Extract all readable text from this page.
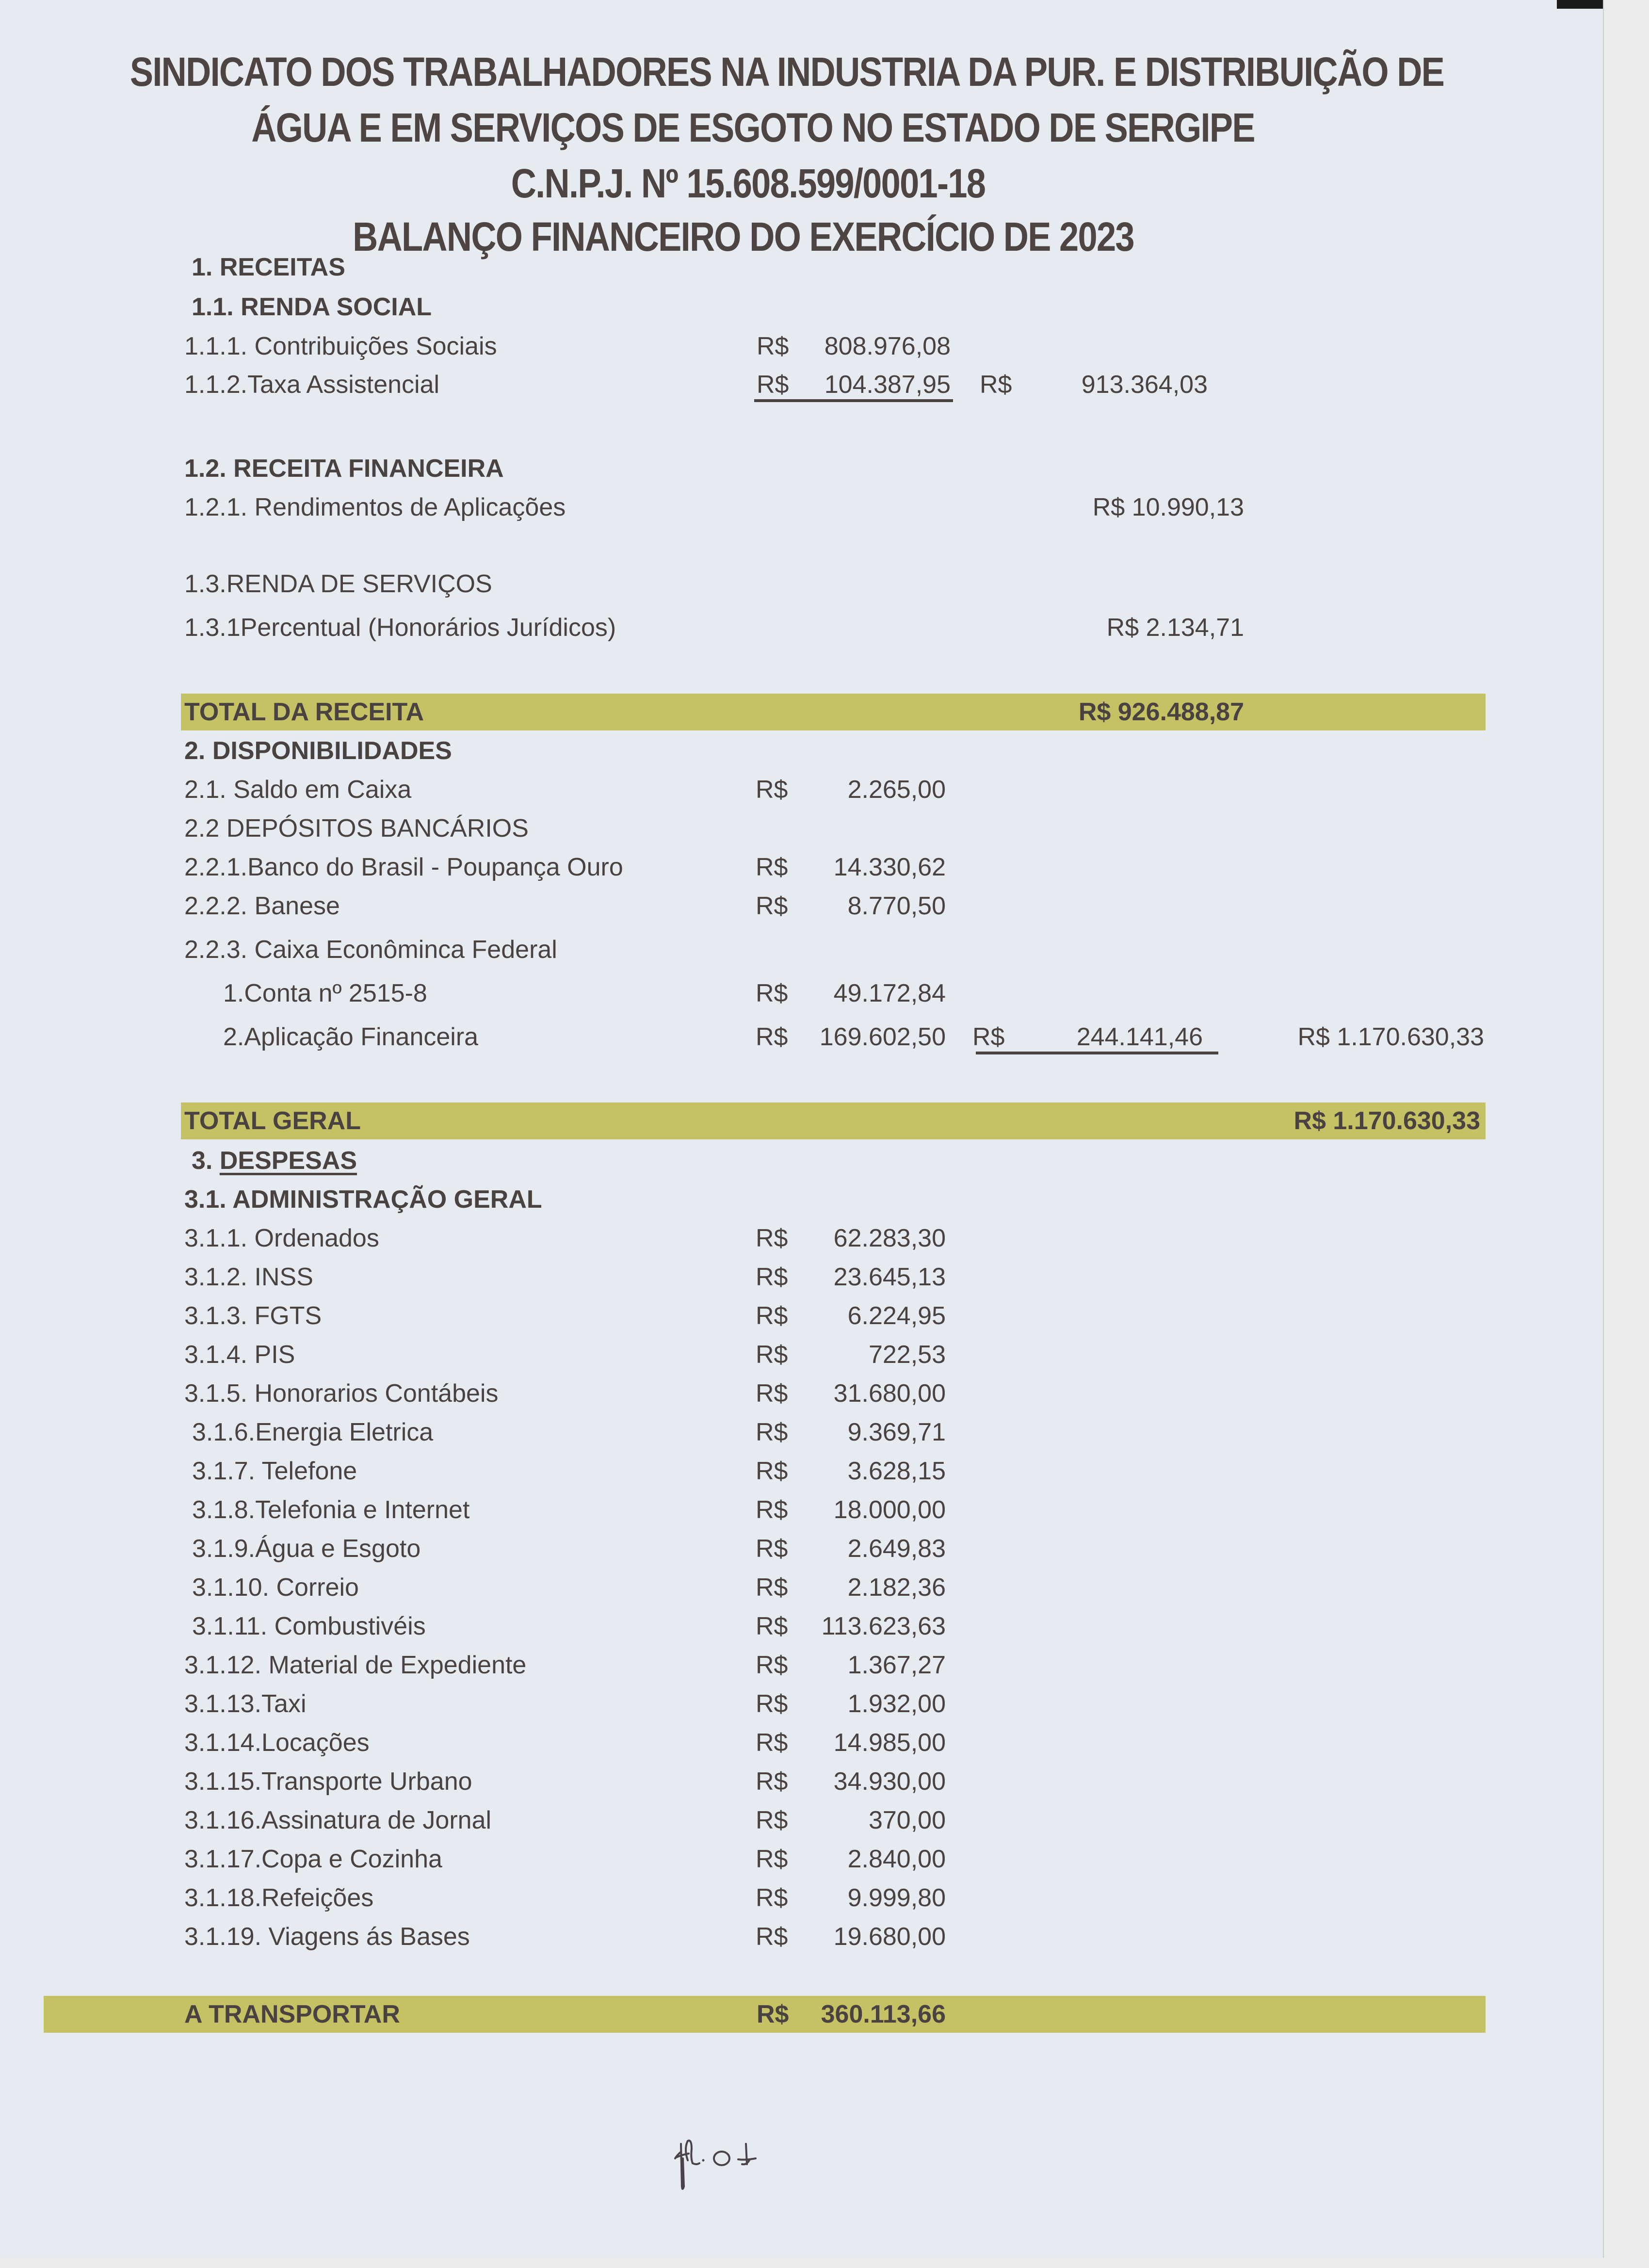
SINDICATO DOS TRABALHADORES NA INDUSTRIA DA PUR. E DISTRIBUIÇÃO DE
ÁGUA E EM SERVIÇOS DE ESGOTO NO ESTADO DE SERGIPE
C.N.P.J. Nº 15.608.599/0001-18
BALANÇO FINANCEIRO DO EXERCÍCIO DE 2023
1. RECEITAS
1.1. RENDA SOCIAL
1.1.1. Contribuições Sociais	R$	808.976,08
1.1.2.Taxa Assistencial	R$	104.387,95 R$	913.364,03
1.2. RECEITA FINANCEIRA
1.2.1. Rendimentos de Aplicações	R$ 10.990,13
1.3.RENDA DE SERVIÇOS
1.3.1Percentual (Honorários Jurídicos)	R$ 2.134,71
TOTAL DA RECEITA	R$ 926.488,87
2. DISPONIBILIDADES
2.1. Saldo em Caixa	R$	2.265,00
2.2 DEPÓSITOS BANCÁRIOS
2.2.1.Banco do Brasil - Poupança Ouro	R$	14.330,62
2.2.2. Banese	R$	8.770,50
2.2.3. Caixa Econôminca Federal
1.Conta nº 2515-8	R$	49.172,84
2.Aplicação Financeira	R$	169.602,50 R$	244.141,46	R$ 1.170.630,33
TOTAL GERAL	R$ 1.170.630,33
3. DESPESAS
3.1. ADMINISTRAÇÃO GERAL
3.1.1. Ordenados	R$	62.283,30
3.1.2. INSS	R$	23.645,13
3.1.3. FGTS	R$	6.224,95
3.1.4. PIS	R$	722,53
3.1.5. Honorarios Contábeis	R$	31.680,00
3.1.6.Energia Eletrica	R$	9.369,71
3.1.7. Telefone	R$	3.628,15
3.1.8.Telefonia e Internet	R$	18.000,00
3.1.9.Água e Esgoto	R$	2.649,83
3.1.10. Correio	R$	2.182,36
3.1.11. Combustivéis	R$	113.623,63
3.1.12. Material de Expediente	R$	1.367,27
3.1.13.Taxi	R$	1.932,00
3.1.14.Locações	R$	14.985,00
3.1.15.Transporte Urbano	R$	34.930,00
3.1.16.Assinatura de Jornal	R$	370,00
3.1.17.Copa e Cozinha	R$	2.840,00
3.1.18.Refeições	R$	9.999,80
3.1.19. Viagens ás Bases	R$	19.680,00
A TRANSPORTAR	R$	360.113,66
